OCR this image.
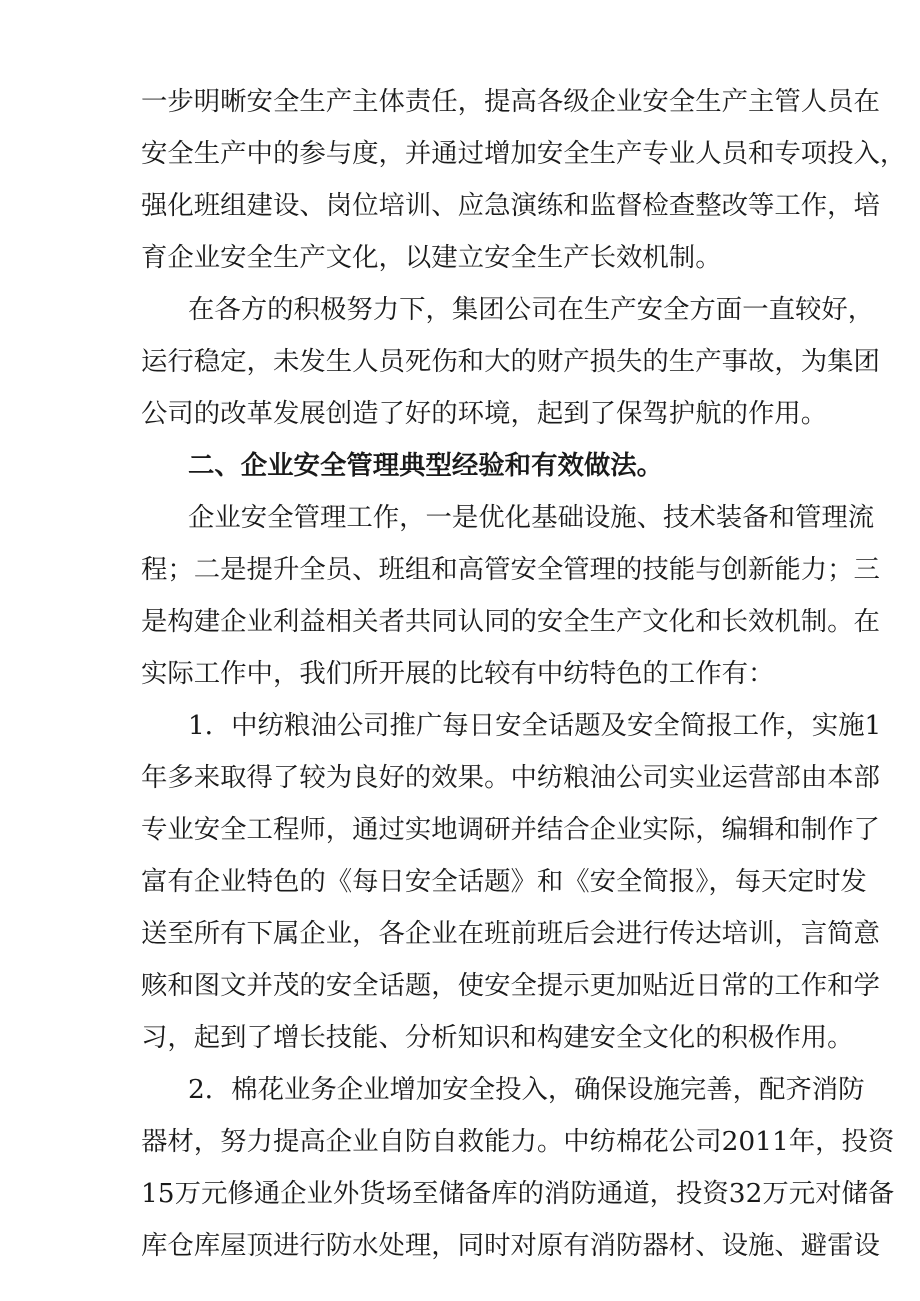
一步明晰安全生产主体责任，提高各级企业安全生产主管人员在
安全生产中的参与度，并通过增加安全生产专业人员和专项投入，
强化班组建设、岗位培训、应急演练和监督检查整改等工作，培
育企业安全生产文化，以建立安全生产长效机制。
在各方的积极努力下，集团公司在生产安全方面一直较好，
运行稳定，未发生人员死伤和大的财产损失的生产事故，为集团
公司的改革发展创造了好的环境，起到了保驾护航的作用。
二、企业安全管理典型经验和有效做法。
企业安全管理工作，一是优化基础设施、技术装备和管理流
程；二是提升全员、班组和高管安全管理的技能与创新能力；三
是构建企业利益相关者共同认同的安全生产文化和长效机制。在
实际工作中，我们所开展的比较有中纺特色的工作有：
1．中纺粮油公司推广每日安全话题及安全简报工作，实施1
年多来取得了较为良好的效果。中纺粮油公司实业运营部由本部
专业安全工程师，通过实地调研并结合企业实际，编辑和制作了
富有企业特色的《每日安全话题》和《安全简报》，每天定时发
送至所有下属企业，各企业在班前班后会进行传达培训，言简意
赅和图文并茂的安全话题，使安全提示更加贴近日常的工作和学
习，起到了增长技能、分析知识和构建安全文化的积极作用。
2．棉花业务企业增加安全投入，确保设施完善，配齐消防
器材，努力提高企业自防自救能力。中纺棉花公司2011年，投资
15万元修通企业外货场至储备库的消防通道，投资32万元对储备
库仓库屋顶进行防水处理，同时对原有消防器材、设施、避雷设
